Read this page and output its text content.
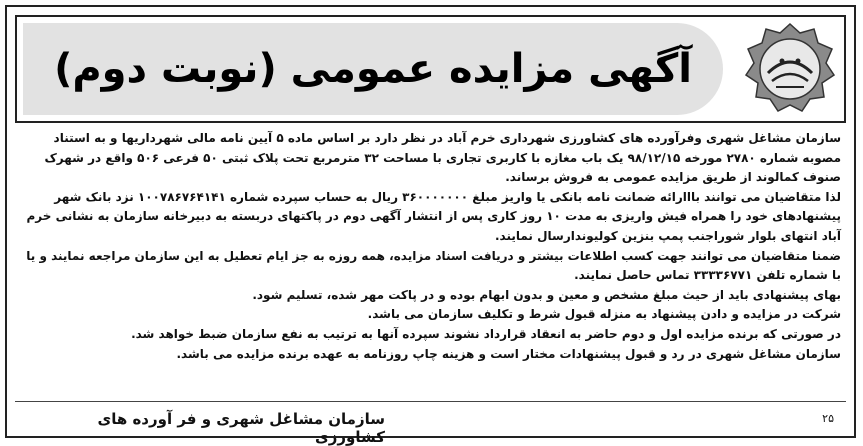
آگهی مزایده عمومی (نوبت دوم)

سازمان مشاغل شهری وفرآورده های کشاورزی شهرداری خرم آباد در نظر دارد بر اساس ماده ۵ آیین نامه مالی شهرداریها و به استناد مصوبه شماره ۲۷۸۰ مورخه ۹۸/۱۲/۱۵ یک باب مغازه با کاربری تجاری با مساحت ۳۲ مترمربع تحت پلاک ثبتی ۵۰ فرعی ۵۰۶ واقع در شهرک صنوف کمالوند از طریق مزایده عمومی به فروش برساند.

لذا متقاضیان می توانند بااارائه ضمانت نامه بانکی یا واریز مبلغ ۳۶۰۰۰۰۰۰۰ ریال به حساب سپرده شماره ۱۰۰۷۸۶۷۶۴۱۴۱ نزد بانک شهر پیشنهادهای خود را همراه فیش واریزی به مدت ۱۰ روز کاری پس از انتشار آگهی دوم در پاکتهای دربسته به دبیرخانه سازمان به نشانی خرم آباد انتهای بلوار شوراجنب پمپ بنزین کولیوندارسال نمایند.

ضمنا متقاضیان می توانند جهت کسب اطلاعات بیشتر و دریافت اسناد مزایده، همه روزه به جز ایام تعطیل به این سازمان مراجعه نمایند و یا با شماره تلفن ۳۳۳۳۶۷۷۱ تماس حاصل نمایند.

بهای پیشنهادی باید از حیث مبلغ مشخص و معین و بدون ابهام بوده و در پاکت مهر شده، تسلیم شود.

شرکت در مزایده و دادن پیشنهاد به منزله قبول شرط و تکلیف سازمان می باشد.

در صورتی که برنده مزایده اول و دوم حاضر به انعقاد قرارداد نشوند سپرده آنها به ترتیب به نفع سازمان ضبط خواهد شد.

سازمان مشاغل شهری در رد و قبول پیشنهادات مختار است و هزینه چاپ روزنامه به عهده برنده مزایده می باشد.

سازمان مشاغل شهری و فر آورده های کشاورزی
۲۵
